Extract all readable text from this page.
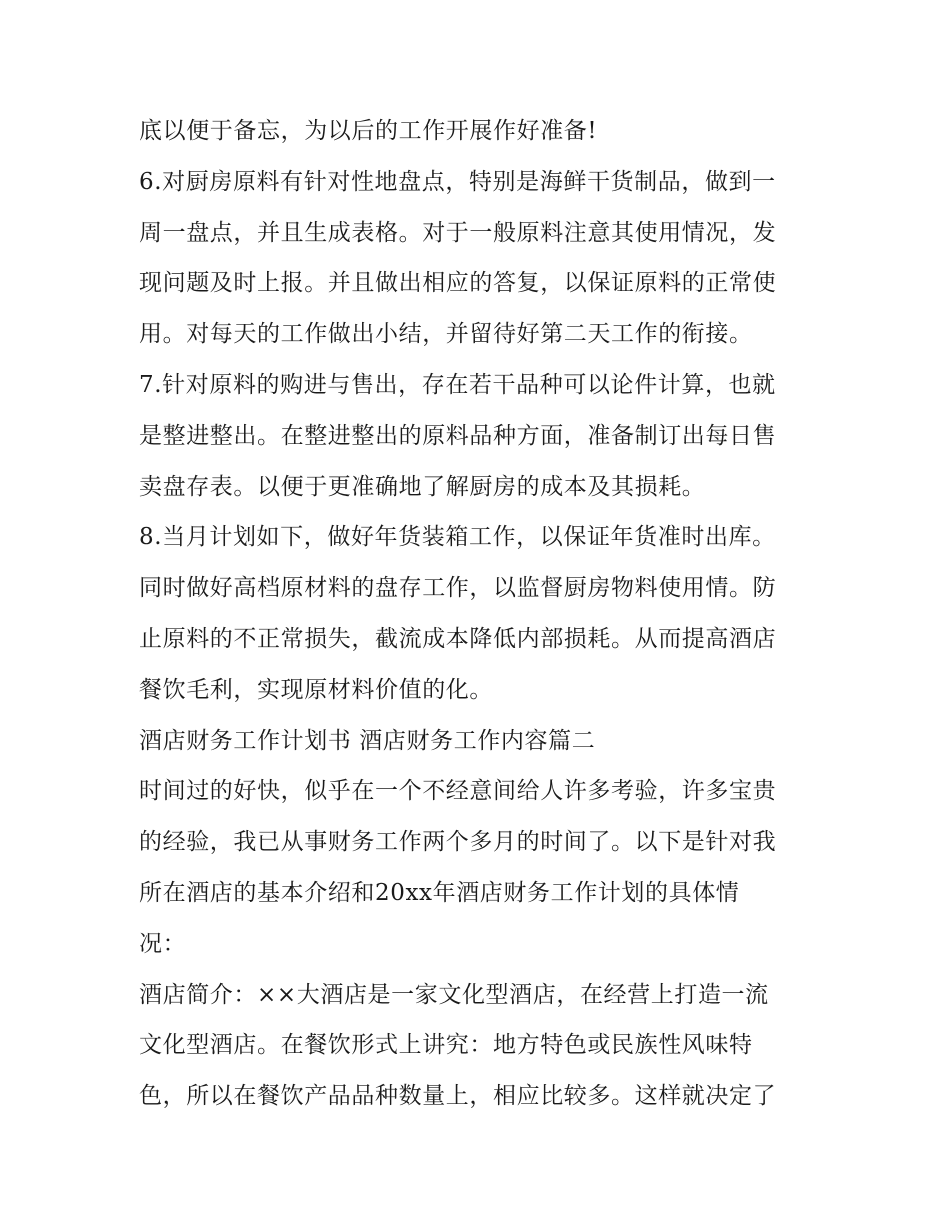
底以便于备忘，为以后的工作开展作好准备!
6.对厨房原料有针对性地盘点，特别是海鲜干货制品，做到一
周一盘点，并且生成表格。对于一般原料注意其使用情况，发
现问题及时上报。并且做出相应的答复，以保证原料的正常使
用。对每天的工作做出小结，并留待好第二天工作的衔接。
7.针对原料的购进与售出，存在若干品种可以论件计算，也就
是整进整出。在整进整出的原料品种方面，准备制订出每日售
卖盘存表。以便于更准确地了解厨房的成本及其损耗。
8.当月计划如下，做好年货装箱工作，以保证年货准时出库。
同时做好高档原材料的盘存工作，以监督厨房物料使用情。防
止原料的不正常损失，截流成本降低内部损耗。从而提高酒店
餐饮毛利，实现原材料价值的化。
酒店财务工作计划书 酒店财务工作内容篇二
时间过的好快，似乎在一个不经意间给人许多考验，许多宝贵
的经验，我已从事财务工作两个多月的时间了。以下是针对我
所在酒店的基本介绍和20xx年酒店财务工作计划的具体情
况：
酒店简介：××大酒店是一家文化型酒店，在经营上打造一流
文化型酒店。在餐饮形式上讲究：地方特色或民族性风味特
色，所以在餐饮产品品种数量上，相应比较多。这样就决定了
